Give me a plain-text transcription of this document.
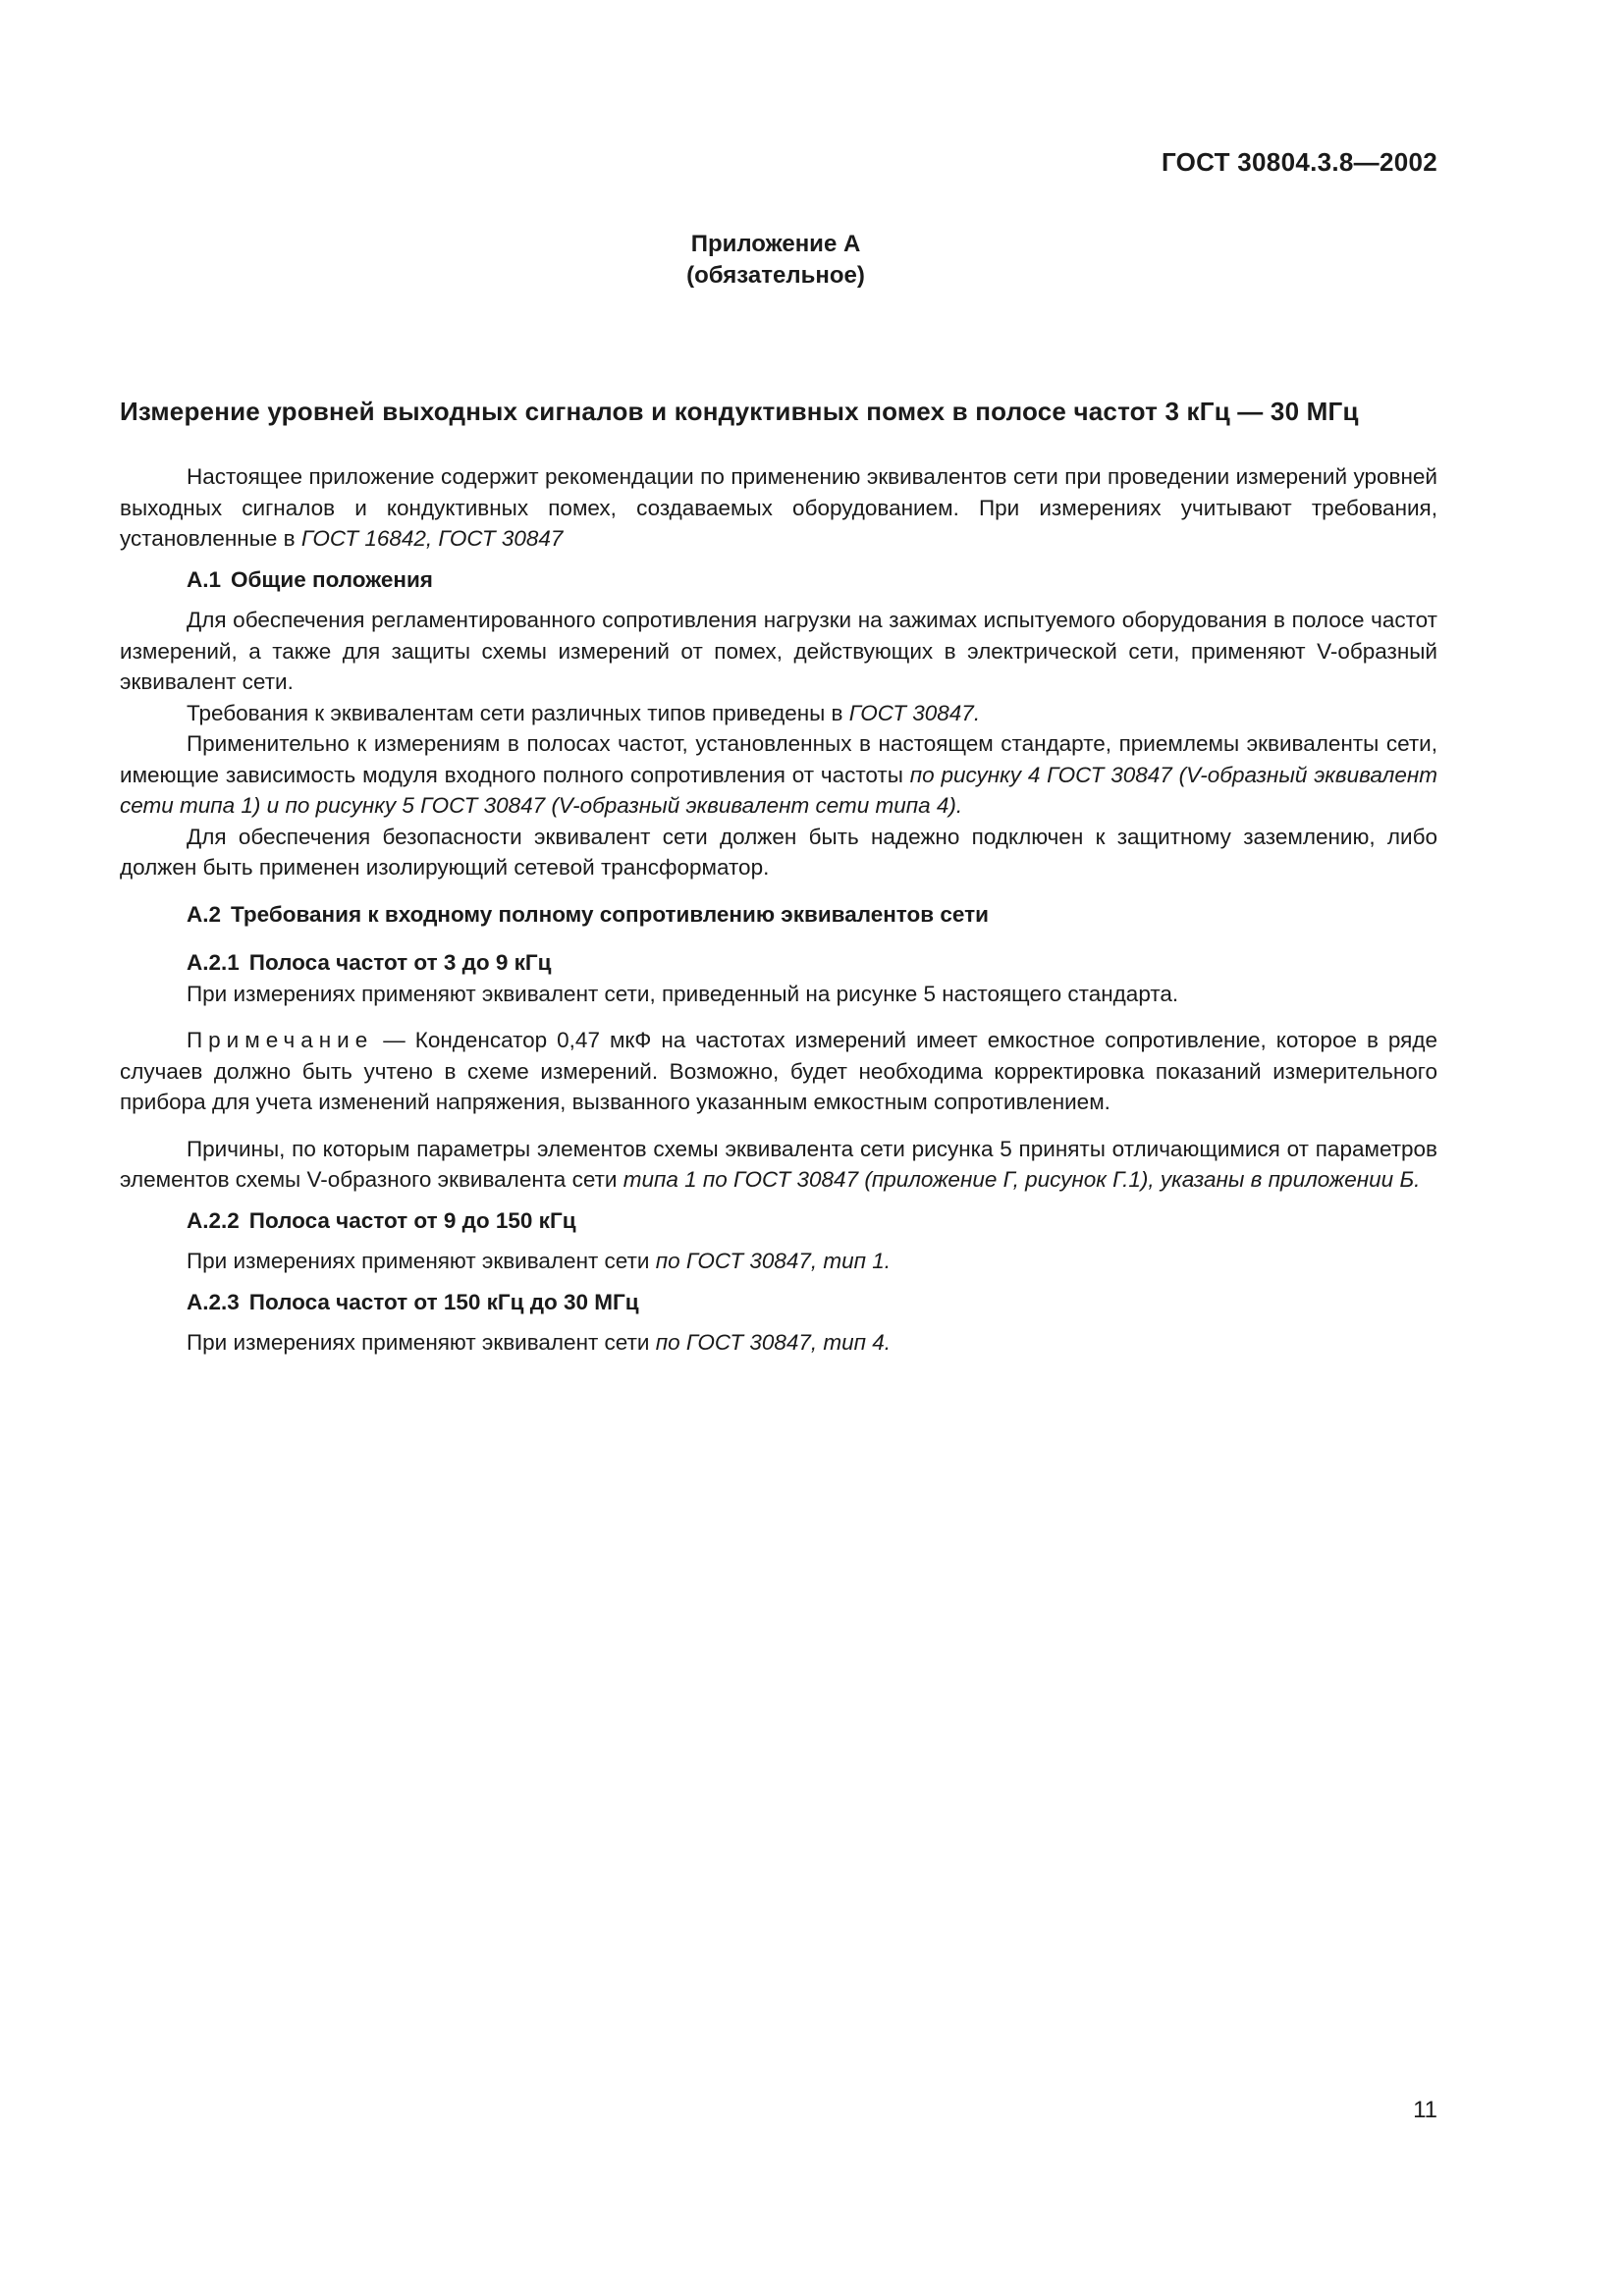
ГОСТ 30804.3.8—2002
Приложение А
(обязательное)
Измерение уровней выходных сигналов и кондуктивных помех в полосе частот 3 кГц — 30 МГц

Настоящее приложение содержит рекомендации по применению эквивалентов сети при проведении измерений уровней выходных сигналов и кондуктивных помех, создаваемых оборудованием. При измерениях учитывают требования, установленные в ГОСТ 16842, ГОСТ 30847

А.1 Общие положения

Для обеспечения регламентированного сопротивления нагрузки на зажимах испытуемого оборудования в полосе частот измерений, а также для защиты схемы измерений от помех, действующих в электрической сети, применяют V-образный эквивалент сети.

Требования к эквивалентам сети различных типов приведены в ГОСТ 30847.

Применительно к измерениям в полосах частот, установленных в настоящем стандарте, приемлемы эквиваленты сети, имеющие зависимость модуля входного полного сопротивления от частоты по рисунку 4 ГОСТ 30847 (V-образный эквивалент сети типа 1) и по рисунку 5 ГОСТ 30847 (V-образный эквивалент сети типа 4).

Для обеспечения безопасности эквивалент сети должен быть надежно подключен к защитному заземлению, либо должен быть применен изолирующий сетевой трансформатор.

А.2 Требования к входному полному сопротивлению эквивалентов сети
А.2.1 Полоса частот от 3 до 9 кГц

При измерениях применяют эквивалент сети, приведенный на рисунке 5 настоящего стандарта.

Примечание — Конденсатор 0,47 мкФ на частотах измерений имеет емкостное сопротивление, которое в ряде случаев должно быть учтено в схеме измерений. Возможно, будет необходима корректировка показаний измерительного прибора для учета изменений напряжения, вызванного указанным емкостным сопротивлением.

Причины, по которым параметры элементов схемы эквивалента сети рисунка 5 приняты отличающимися от параметров элементов схемы V-образного эквивалента сети типа 1 по ГОСТ 30847 (приложение Г, рисунок Г.1), указаны в приложении Б.

А.2.2 Полоса частот от 9 до 150 кГц

При измерениях применяют эквивалент сети по ГОСТ 30847, тип 1.

А.2.3 Полоса частот от 150 кГц до 30 МГц

При измерениях применяют эквивалент сети по ГОСТ 30847, тип 4.

11
